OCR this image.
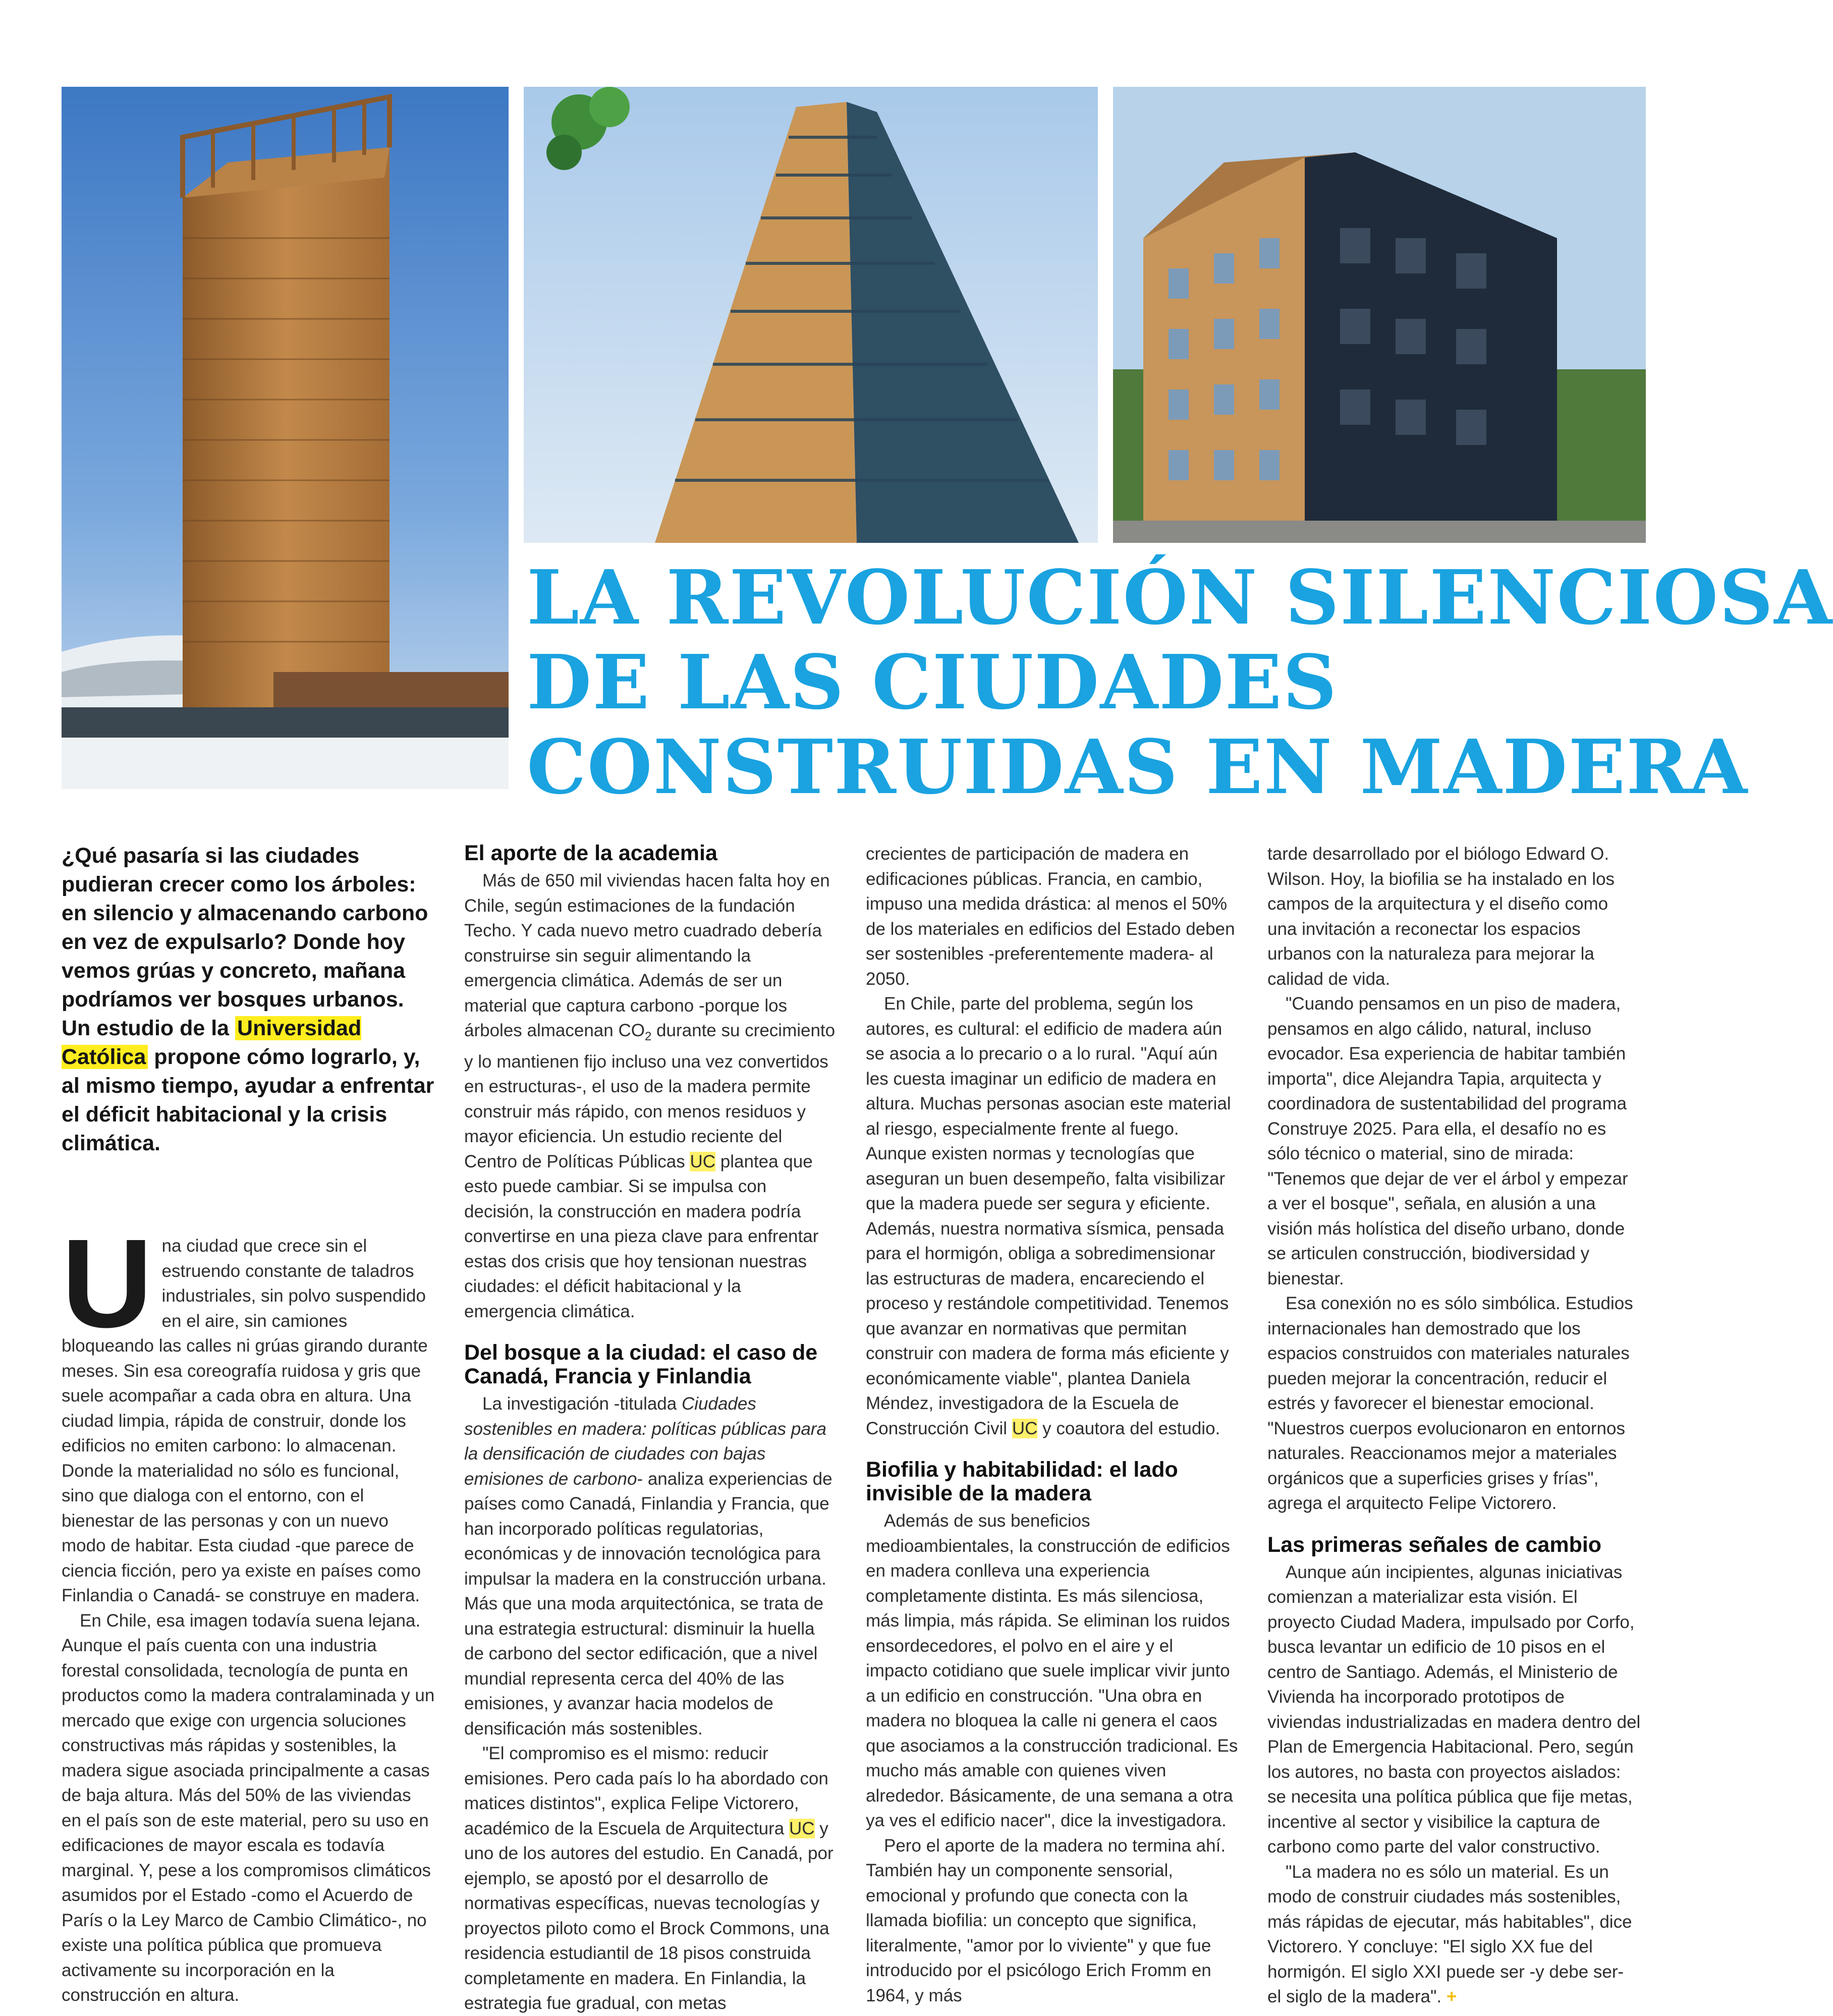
LA REVOLUCIÓN SILENCIOSA
DE LAS CIUDADES
CONSTRUIDAS EN MADERA

¿Qué pasaría si las ciudades pudieran crecer como los árboles: en silencio y almacenando carbono en vez de expulsarlo? Donde hoy vemos grúas y concreto, mañana podríamos ver bosques urbanos. Un estudio de la Universidad Católica propone cómo lograrlo, y, al mismo tiempo, ayudar a enfrentar el déficit habitacional y la crisis climática.

Una ciudad que crece sin el estruendo constante de taladros industriales, sin polvo suspendido en el aire, sin camiones bloqueando las calles ni grúas girando durante meses. Sin esa coreografía ruidosa y gris que suele acompañar a cada obra en altura. Una ciudad limpia, rápida de construir, donde los edificios no emiten carbono: lo almacenan. Donde la materialidad no sólo es funcional, sino que dialoga con el entorno, con el bienestar de las personas y con un nuevo modo de habitar. Esta ciudad -que parece de ciencia ficción, pero ya existe en países como Finlandia o Canadá- se construye en madera.

En Chile, esa imagen todavía suena lejana. Aunque el país cuenta con una industria forestal consolidada, tecnología de punta en productos como la madera contralaminada y un mercado que exige con urgencia soluciones constructivas más rápidas y sostenibles, la madera sigue asociada principalmente a casas de baja altura. Más del 50% de las viviendas en el país son de este material, pero su uso en edificaciones de mayor escala es todavía marginal. Y, pese a los compromisos climáticos asumidos por el Estado -como el Acuerdo de París o la Ley Marco de Cambio Climático-, no existe una política pública que promueva activamente su incorporación en la construcción en altura.

El aporte de la academia

Más de 650 mil viviendas hacen falta hoy en Chile, según estimaciones de la fundación Techo. Y cada nuevo metro cuadrado debería construirse sin seguir alimentando la emergencia climática. Además de ser un material que captura carbono -porque los árboles almacenan $CO_2$ durante su crecimiento y lo mantienen fijo incluso una vez convertidos en estructuras-, el uso de la madera permite construir más rápido, con menos residuos y mayor eficiencia. Un estudio reciente del Centro de Políticas Públicas UC plantea que esto puede cambiar. Si se impulsa con decisión, la construcción en madera podría convertirse en una pieza clave para enfrentar estas dos crisis que hoy tensionan nuestras ciudades: el déficit habitacional y la emergencia climática.

Del bosque a la ciudad: el caso de Canadá, Francia y Finlandia

La investigación -titulada Ciudades sostenibles en madera: políticas públicas para la densificación de ciudades con bajas emisiones de carbono- analiza experiencias de países como Canadá, Finlandia y Francia, que han incorporado políticas regulatorias, económicas y de innovación tecnológica para impulsar la madera en la construcción urbana. Más que una moda arquitectónica, se trata de una estrategia estructural: disminuir la huella de carbono del sector edificación, que a nivel mundial representa cerca del 40% de las emisiones, y avanzar hacia modelos de densificación más sostenibles.

"El compromiso es el mismo: reducir emisiones. Pero cada país lo ha abordado con matices distintos", explica Felipe Victorero, académico de la Escuela de Arquitectura UC y uno de los autores del estudio. En Canadá, por ejemplo, se apostó por el desarrollo de normativas específicas, nuevas tecnologías y proyectos piloto como el Brock Commons, una residencia estudiantil de 18 pisos construida completamente en madera. En Finlandia, la estrategia fue gradual, con metas

crecientes de participación de madera en edificaciones públicas. Francia, en cambio, impuso una medida drástica: al menos el 50% de los materiales en edificios del Estado deben ser sostenibles -preferentemente madera- al 2050.

En Chile, parte del problema, según los autores, es cultural: el edificio de madera aún se asocia a lo precario o a lo rural. "Aquí aún les cuesta imaginar un edificio de madera en altura. Muchas personas asocian este material al riesgo, especialmente frente al fuego. Aunque existen normas y tecnologías que aseguran un buen desempeño, falta visibilizar que la madera puede ser segura y eficiente. Además, nuestra normativa sísmica, pensada para el hormigón, obliga a sobredimensionar las estructuras de madera, encareciendo el proceso y restándole competitividad. Tenemos que avanzar en normativas que permitan construir con madera de forma más eficiente y económicamente viable", plantea Daniela Méndez, investigadora de la Escuela de Construcción Civil UC y coautora del estudio.

Biofilia y habitabilidad: el lado invisible de la madera

Además de sus beneficios medioambientales, la construcción de edificios en madera conlleva una experiencia completamente distinta. Es más silenciosa, más limpia, más rápida. Se eliminan los ruidos ensordecedores, el polvo en el aire y el impacto cotidiano que suele implicar vivir junto a un edificio en construcción. "Una obra en madera no bloquea la calle ni genera el caos que asociamos a la construcción tradicional. Es mucho más amable con quienes viven alrededor. Básicamente, de una semana a otra ya ves el edificio nacer", dice la investigadora.

Pero el aporte de la madera no termina ahí. También hay un componente sensorial, emocional y profundo que conecta con la llamada biofilia: un concepto que significa, literalmente, "amor por lo viviente" y que fue introducido por el psicólogo Erich Fromm en 1964, y más

tarde desarrollado por el biólogo Edward O. Wilson. Hoy, la biofilia se ha instalado en los campos de la arquitectura y el diseño como una invitación a reconectar los espacios urbanos con la naturaleza para mejorar la calidad de vida.

"Cuando pensamos en un piso de madera, pensamos en algo cálido, natural, incluso evocador. Esa experiencia de habitar también importa", dice Alejandra Tapia, arquitecta y coordinadora de sustentabilidad del programa Construye 2025. Para ella, el desafío no es sólo técnico o material, sino de mirada: "Tenemos que dejar de ver el árbol y empezar a ver el bosque", señala, en alusión a una visión más holística del diseño urbano, donde se articulen construcción, biodiversidad y bienestar.

Esa conexión no es sólo simbólica. Estudios internacionales han demostrado que los espacios construidos con materiales naturales pueden mejorar la concentración, reducir el estrés y favorecer el bienestar emocional. "Nuestros cuerpos evolucionaron en entornos naturales. Reaccionamos mejor a materiales orgánicos que a superficies grises y frías", agrega el arquitecto Felipe Victorero.

Las primeras señales de cambio

Aunque aún incipientes, algunas iniciativas comienzan a materializar esta visión. El proyecto Ciudad Madera, impulsado por Corfo, busca levantar un edificio de 10 pisos en el centro de Santiago. Además, el Ministerio de Vivienda ha incorporado prototipos de viviendas industrializadas en madera dentro del Plan de Emergencia Habitacional. Pero, según los autores, no basta con proyectos aislados: se necesita una política pública que fije metas, incentive al sector y visibilice la captura de carbono como parte del valor constructivo.

"La madera no es sólo un material. Es un modo de construir ciudades más sostenibles, más rápidas de ejecutar, más habitables", dice Victorero. Y concluye: "El siglo XX fue del hormigón. El siglo XXI puede ser -y debe ser- el siglo de la madera". +
